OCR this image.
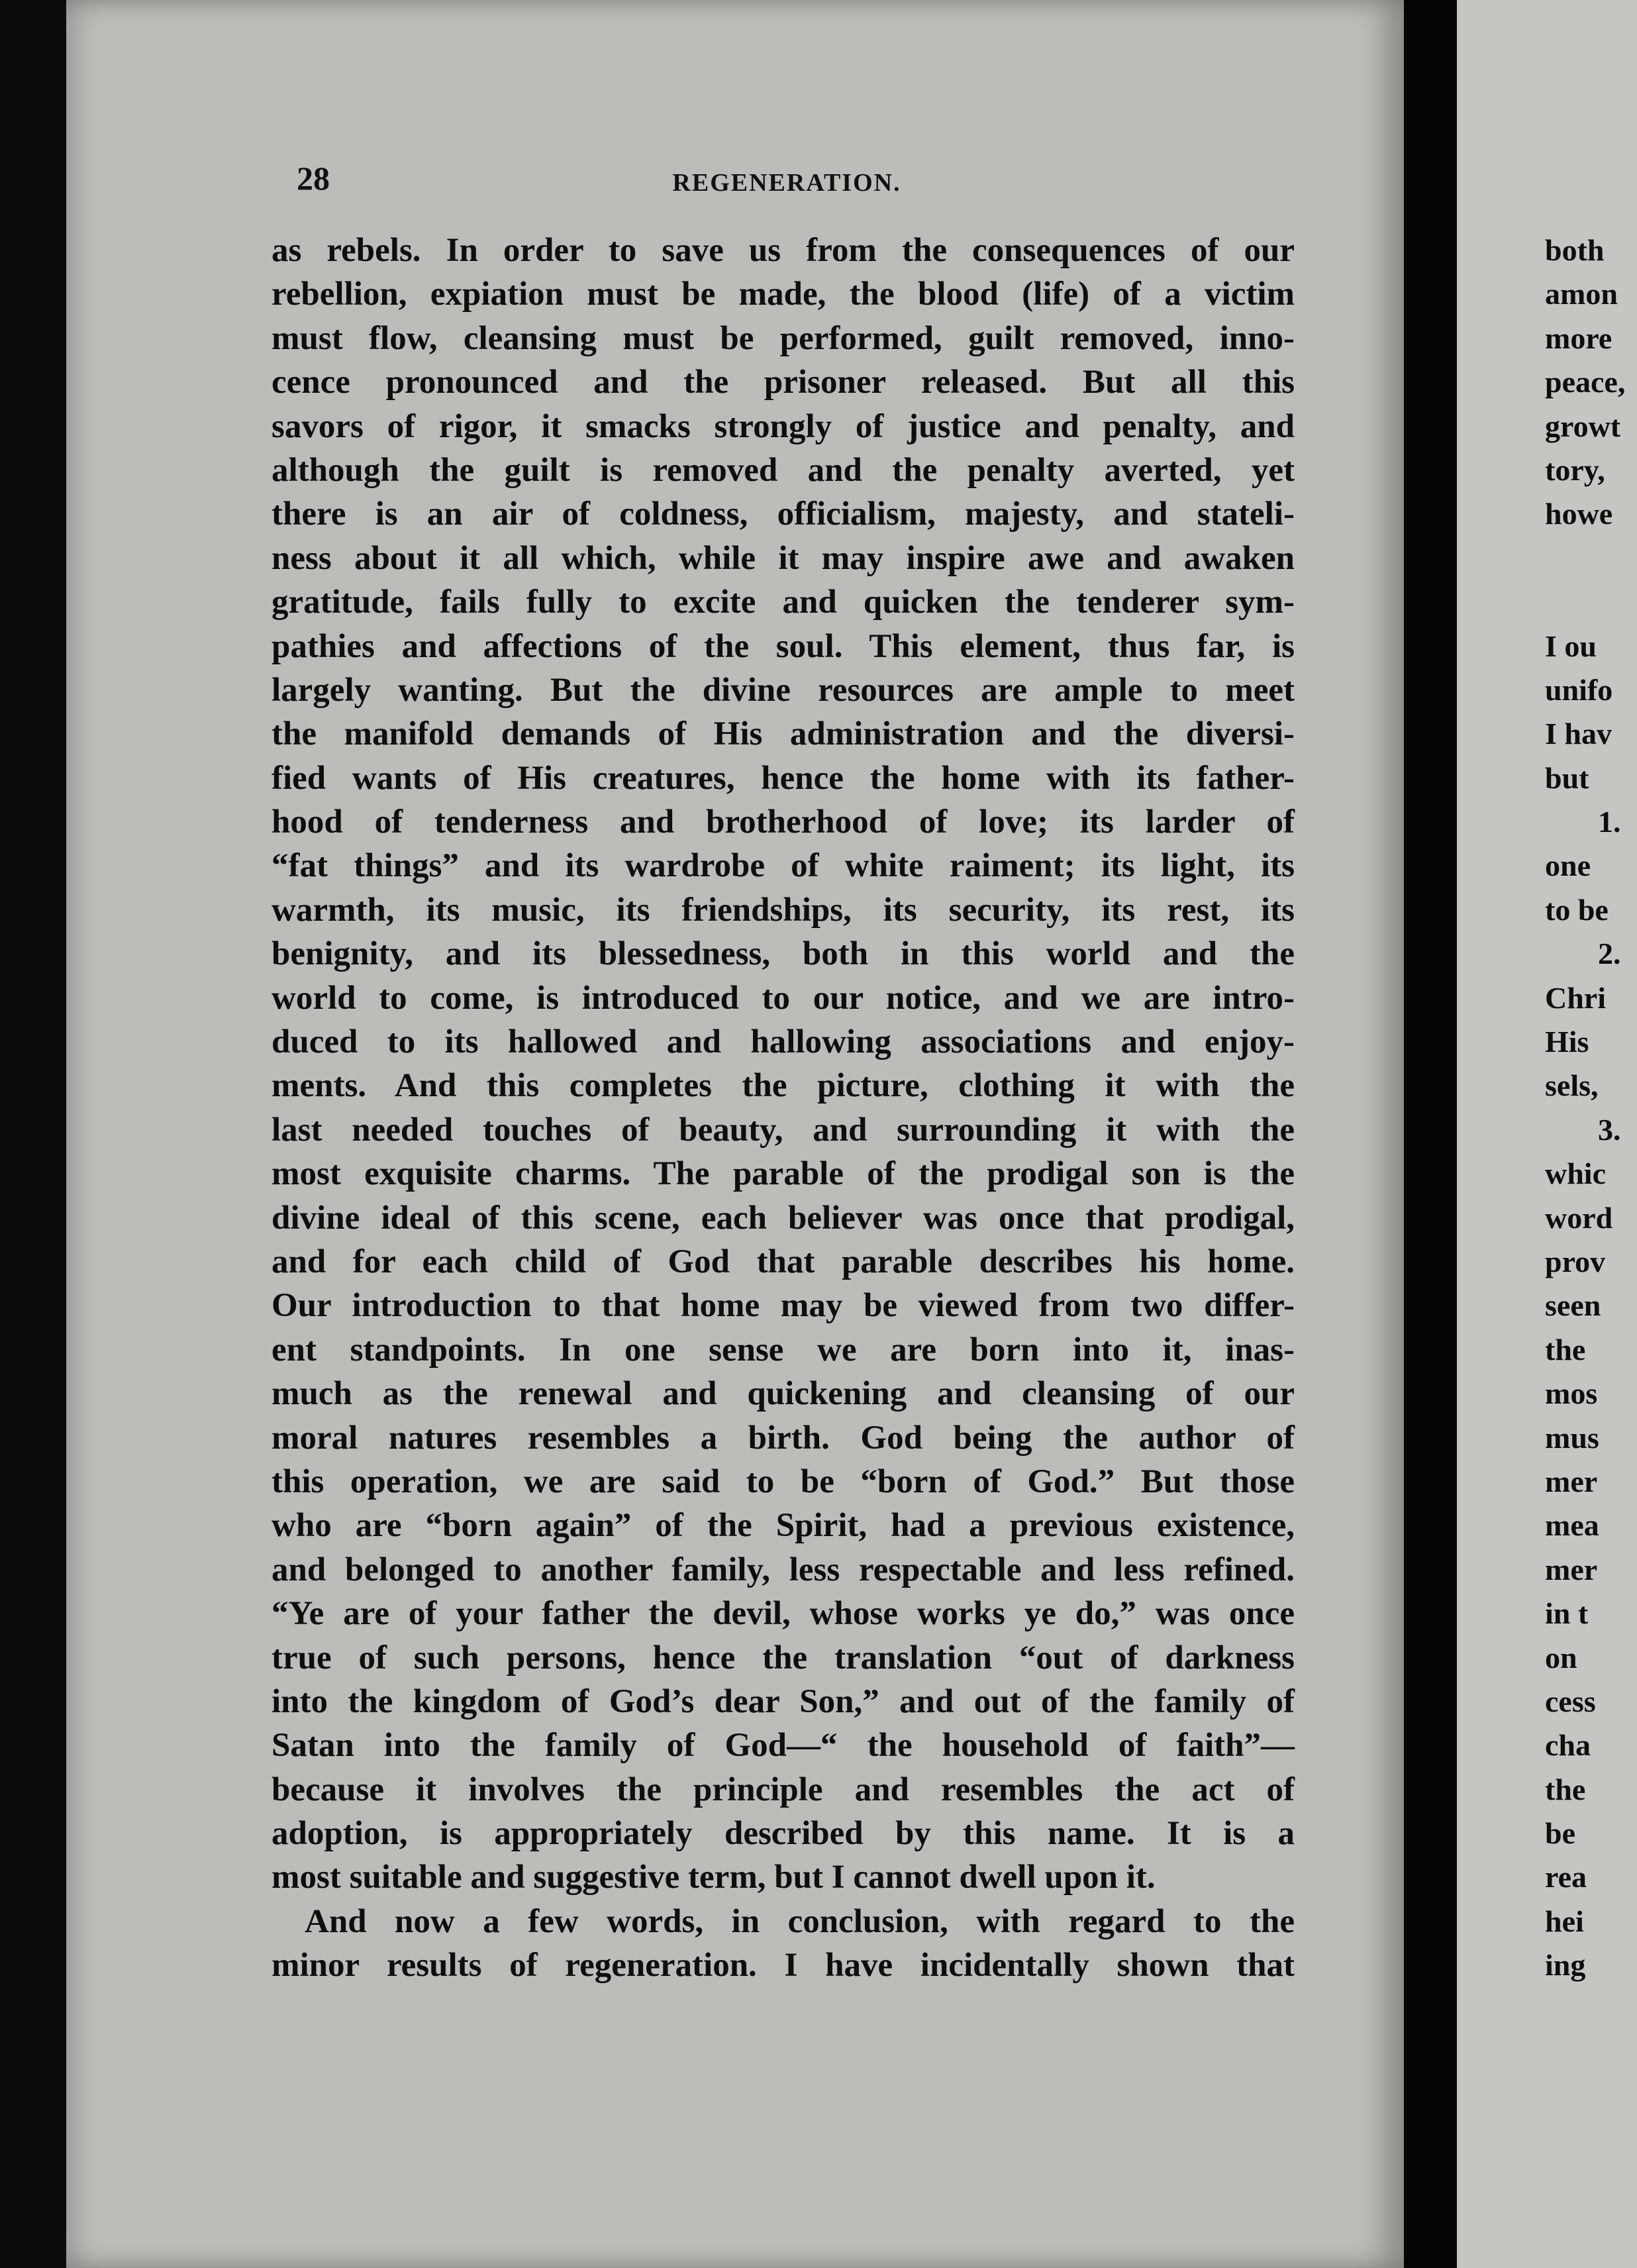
28	REGENERATION.
as rebels. In order to save us from the consequences of our
rebellion, expiation must be made, the blood (life) of a victim
must flow, cleansing must be performed, guilt removed, inno-
cence pronounced and the prisoner released. But all this
savors of rigor, it smacks strongly of justice and penalty, and
although the guilt is removed and the penalty averted, yet
there is an air of coldness, officialism, majesty, and stateli-
ness about it all which, while it may inspire awe and awaken
gratitude, fails fully to excite and quicken the tenderer sym-
pathies and affections of the soul. This element, thus far, is
largely wanting. But the divine resources are ample to meet
the manifold demands of His administration and the diversi-
fied wants of His creatures, hence the home with its father-
hood of tenderness and brotherhood of love; its larder of
“fat things” and its wardrobe of white raiment; its light, its
warmth, its music, its friendships, its security, its rest, its
benignity, and its blessedness, both in this world and the
world to come, is introduced to our notice, and we are intro-
duced to its hallowed and hallowing associations and enjoy-
ments. And this completes the picture, clothing it with the
last needed touches of beauty, and surrounding it with the
most exquisite charms. The parable of the prodigal son is the
divine ideal of this scene, each believer was once that prodigal,
and for each child of God that parable describes his home.
Our introduction to that home may be viewed from two differ-
ent standpoints. In one sense we are born into it, inas-
much as the renewal and quickening and cleansing of our
moral natures resembles a birth. God being the author of
this operation, we are said to be “born of God.” But those
who are “born again” of the Spirit, had a previous existence,
and belonged to another family, less respectable and less refined.
“Ye are of your father the devil, whose works ye do,” was once
true of such persons, hence the translation “out of darkness
into the kingdom of God’s dear Son,” and out of the family of
Satan into the family of God—“ the household of faith”—
because it involves the principle and resembles the act of
adoption, is appropriately described by this name. It is a
most suitable and suggestive term, but I cannot dwell upon it.
And now a few words, in conclusion, with regard to the
minor results of regeneration. I have incidentally shown that
both
amon
more
peace,
growt
tory,
howe
I ou
unifo
I hav
but
1.
one
to be
2.
Chri
His
sels,
3.
whic
word
prov
seen
the
mos
mus
mer
mea
mer
in t
on
cess
cha
the
be
rea
hei
ing
